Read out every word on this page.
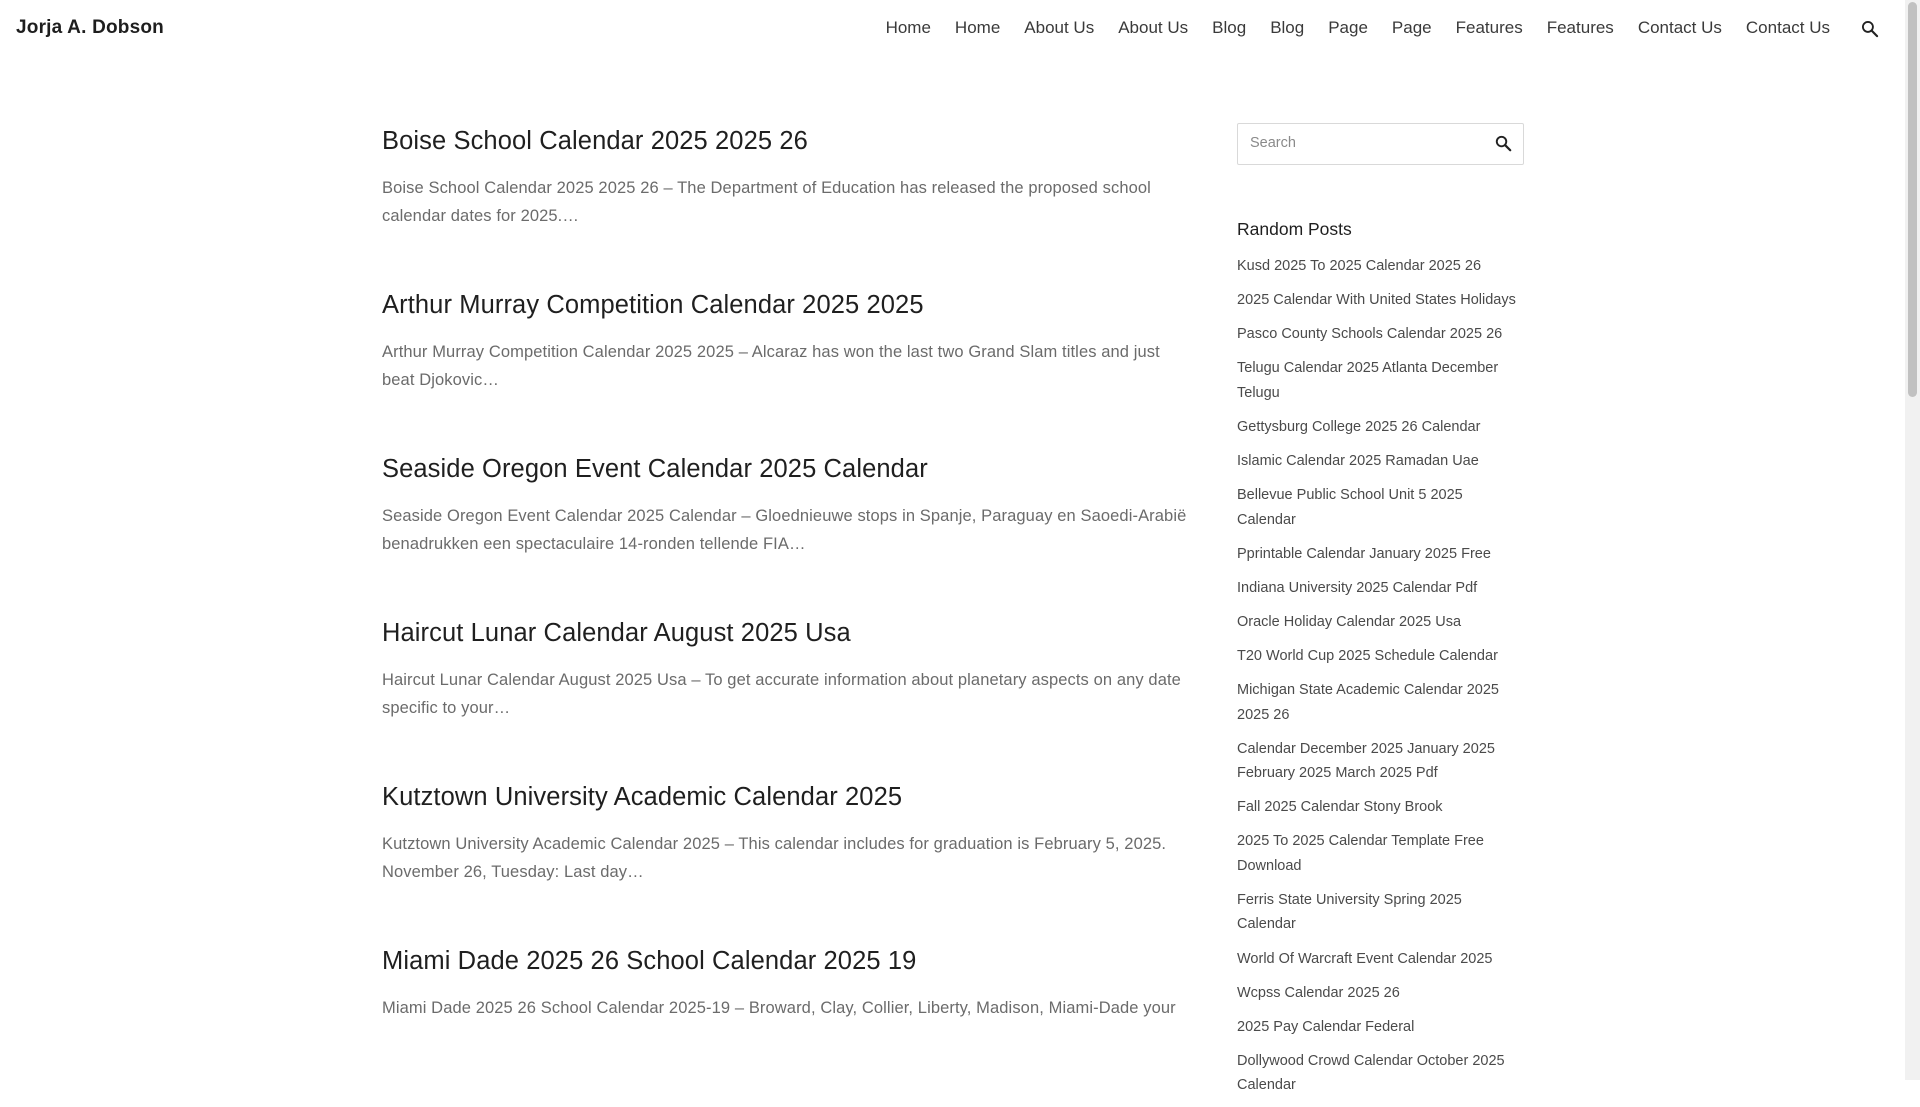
Jorja A. Dobson	Home Home About Us About Us Blog Blog Page Page Features Features Contact Us Contact Us
Boise School Calendar 2025 2025 26

Boise School Calendar 2025 2025 26 – The Department of Education has released the proposed school calendar dates for 2025.…

Arthur Murray Competition Calendar 2025 2025

Arthur Murray Competition Calendar 2025 2025 – Alcaraz has won the last two Grand Slam titles and just beat Djokovic…

Seaside Oregon Event Calendar 2025 Calendar

Seaside Oregon Event Calendar 2025 Calendar – Gloednieuwe stops in Spanje, Paraguay en Saoedi-Arabië benadrukken een spectaculaire 14-ronden tellende FIA…

Haircut Lunar Calendar August 2025 Usa

Haircut Lunar Calendar August 2025 Usa – To get accurate information about planetary aspects on any date specific to your…

Kutztown University Academic Calendar 2025

Kutztown University Academic Calendar 2025 – This calendar includes for graduation is February 5, 2025. November 26, Tuesday: Last day…

Miami Dade 2025 26 School Calendar 2025 19

Miami Dade 2025 26 School Calendar 2025-19 – Broward, Clay, Collier, Liberty, Madison, Miami-Dade your

Search
Random Posts
Kusd 2025 To 2025 Calendar 2025 26
2025 Calendar With United States Holidays
Pasco County Schools Calendar 2025 26
Telugu Calendar 2025 Atlanta December Telugu
Gettysburg College 2025 26 Calendar
Islamic Calendar 2025 Ramadan Uae
Bellevue Public School Unit 5 2025 Calendar
Pprintable Calendar January 2025 Free
Indiana University 2025 Calendar Pdf
Oracle Holiday Calendar 2025 Usa
T20 World Cup 2025 Schedule Calendar
Michigan State Academic Calendar 2025 2025 26
Calendar December 2025 January 2025 February 2025 March 2025 Pdf
Fall 2025 Calendar Stony Brook
2025 To 2025 Calendar Template Free Download
Ferris State University Spring 2025 Calendar
World Of Warcraft Event Calendar 2025
Wcpss Calendar 2025 26
2025 Pay Calendar Federal
Dollywood Crowd Calendar October 2025 Calendar
